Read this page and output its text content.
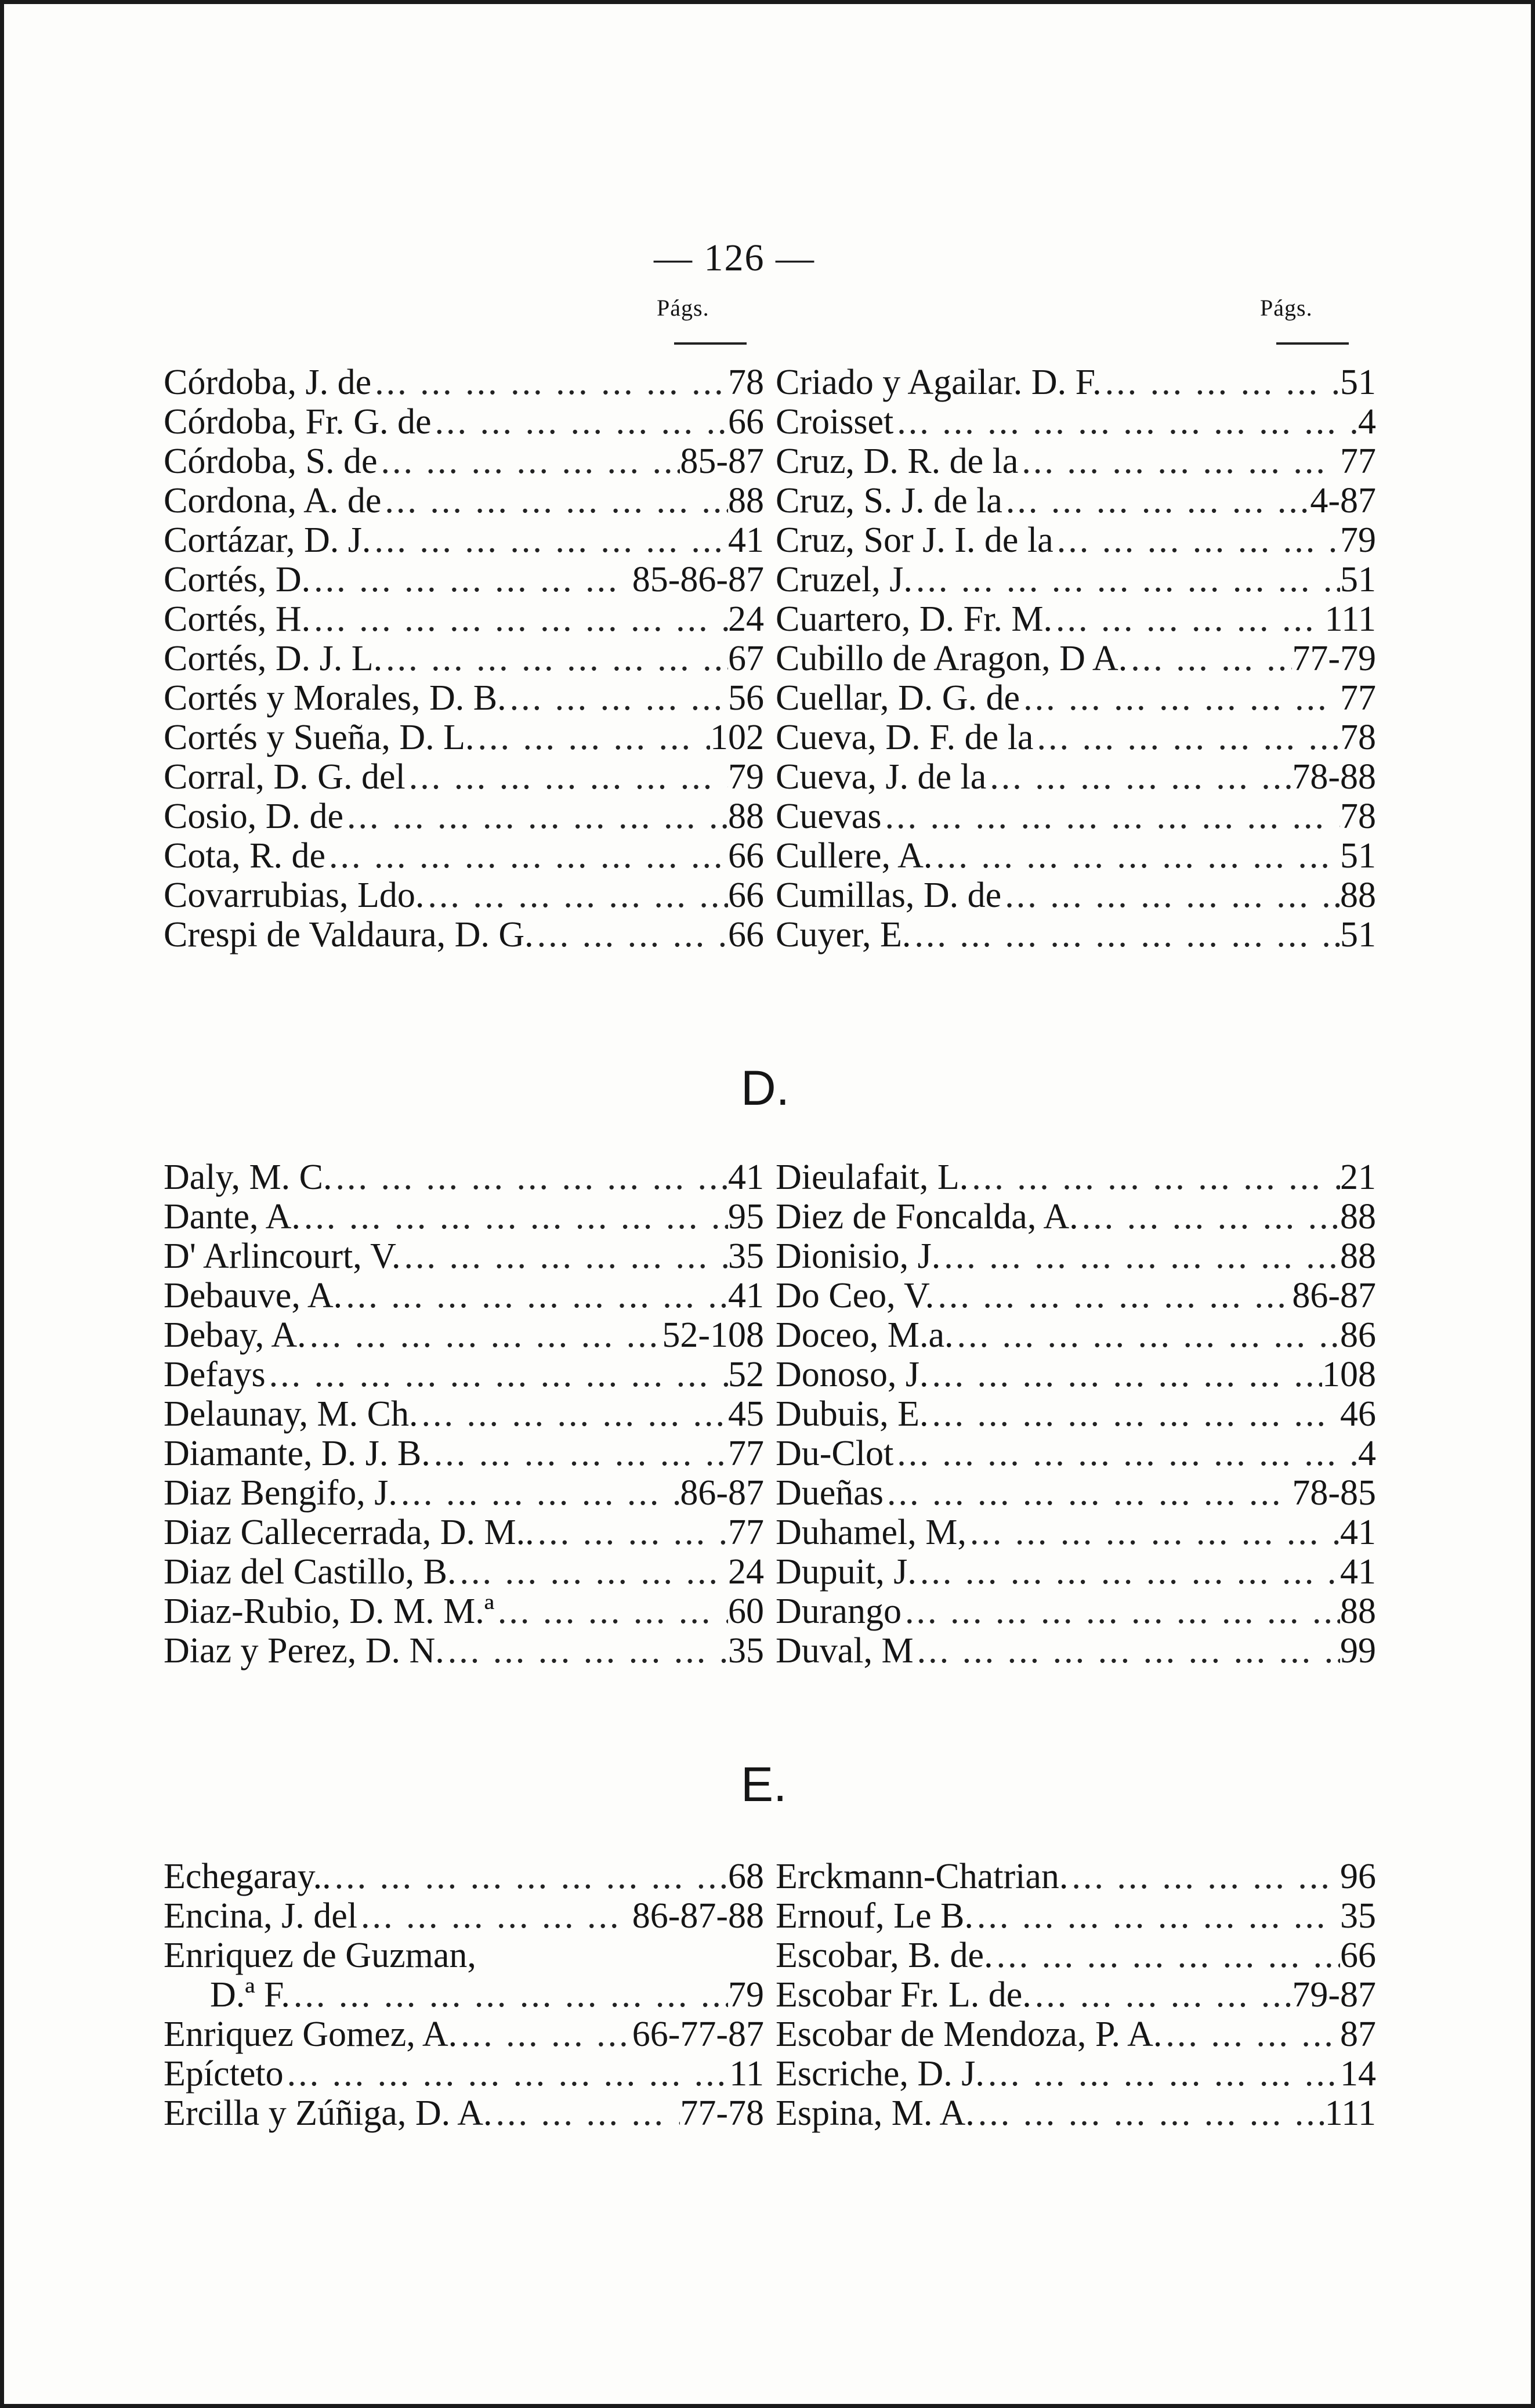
— 126 —
Págs.	Págs.
Córdoba, J. de ... .	78
Córdoba, Fr. G. de ... .	66
Córdoba, S. de ... .	85-87
Cordona, A. de ... .	88
Cortázar, D. J. ... .	41
Cortés, D. ... .	85-86-87
Cortés, H. ... .	24
Cortés, D. J. L. ... .	67
Cortés y Morales, D. B. ... .	56
Cortés y Sueña, D. L. ... .	102
Corral, D. G. del ... .	79
Cosio, D. de ... .	88
Cota, R. de ... .	66
Covarrubias, Ldo. ... .	66
Crespi de Valdaura, D. G. ... .	66
Criado y Agailar. D. F. ... .	51
Croisset ... .	4
Cruz, D. R. de la ... .	77
Cruz, S. J. de la ... .	4-87
Cruz, Sor J. I. de la ... .	79
Cruzel, J. ... .	51
Cuartero, D. Fr. M. ... .	111
Cubillo de Aragon, D A. ... .	77-79
Cuellar, D. G. de ... .	77
Cueva, D. F. de la ... .	78
Cueva, J. de la ... .	78-88
Cuevas ... .	78
Cullere, A. ... .	51
Cumillas, D. de ... .	88
Cuyer, E. ... .	51
D.
Daly, M. C. ... .	41
Dante, A. ... .	95
D' Arlincourt, V. ... .	35
Debauve, A. ... .	41
Debay, A. ... .	52-108
Defays ... .	52
Delaunay, M. Ch. ... .	45
Diamante, D. J. B. ... .	77
Diaz Bengifo, J. ... .	86-87
Diaz Callecerrada, D. M.. ... .	77
Diaz del Castillo, B. ... .	24
Diaz-Rubio, D. M. M.ª ... .	60
Diaz y Perez, D. N. ... .	35
Dieulafait, L. ... .	21
Diez de Foncalda, A. ... .	88
Dionisio, J. ... .	88
Do Ceo, V. ... .	86-87
Doceo, M.a. ... .	86
Donoso, J. ... .	108
Dubuis, E. ... .	46
Du-Clot ... .	4
Dueñas ... .	78-85
Duhamel, M, ... .	41
Dupuit, J. ... .	41
Durango ... .	88
Duval, M ... .	99
E.
Echegaray.. ... .	68
Encina, J. del ... .	86-87-88
Enriquez de Guzman,
D.ª F. ... .	79
Enriquez Gomez, A. ... .	66-77-87
Epícteto ... .	11
Ercilla y Zúñiga, D. A. ... .	77-78
Erckmann-Chatrian. ... .	96
Ernouf, Le B. ... .	35
Escobar, B. de. ... .	66
Escobar Fr. L. de. ... .	79-87
Escobar de Mendoza, P. A. ... .	87
Escriche, D. J. ... .	14
Espina, M. A. ... .	111
